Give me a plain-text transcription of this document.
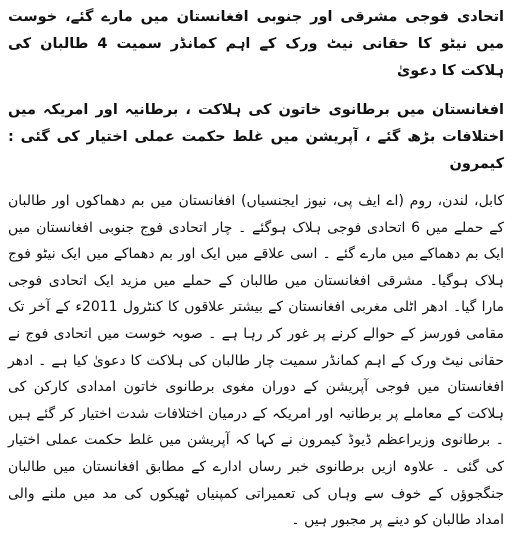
اتحادی فوجی مشرقی اور جنوبی افغانستان میں مارے گئے، خوست میں نیٹو کا حقانی نیٹ ورک کے اہم کمانڈر سمیت 4 طالبان کی ہلاکت کا دعویٰ

افغانستان میں برطانوی خاتون کی ہلاکت ، برطانیہ اور امریکہ میں اختلافات بڑھ گئے ، آپریشن میں غلط حکمت عملی اختیار کی گئی : کیمرون

کابل، لندن، روم (اے ایف پی، نیوز ایجنسیاں) افغانستان میں بم دھماکوں اور طالبان کے حملے میں 6 اتحادی فوجی ہلاک ہوگئے ۔ چار اتحادی فوج جنوبی افغانستان میں ایک بم دھماکے میں مارے گئے ۔ اسی علاقے میں ایک اور بم دھماکے میں ایک نیٹو فوج ہلاک ہوگیا۔ مشرقی افغانستان میں طالبان کے حملے میں مزید ایک اتحادی فوجی مارا گیا۔ ادھر اٹلی مغربی افغانستان کے بیشتر علاقوں کا کنٹرول 2011ء کے آخر تک مقامی فورسز کے حوالے کرنے پر غور کر رہا ہے ۔ صوبہ خوست میں اتحادی فوج نے حقانی نیٹ ورک کے اہم کمانڈر سمیت چار طالبان کی ہلاکت کا دعویٰ کیا ہے ۔ ادھر افغانستان میں فوجی آپریشن کے دوران مغوی برطانوی خاتون امدادی کارکن کی ہلاکت کے معاملے پر برطانیہ اور امریکہ کے درمیان اختلافات شدت اختیار کر گئے ہیں ۔ برطانوی وزیراعظم ڈیوڈ کیمرون نے کہا کہ آپریشن میں غلط حکمت عملی اختیار کی گئی ۔ علاوہ ازیں برطانوی خبر رساں ادارے کے مطابق افغانستان میں طالبان جنگجوؤں کے خوف سے وہاں کی تعمیراتی کمپنیاں ٹھیکوں کی مد میں ملنے والی امداد طالبان کو دینے پر مجبور ہیں ۔
